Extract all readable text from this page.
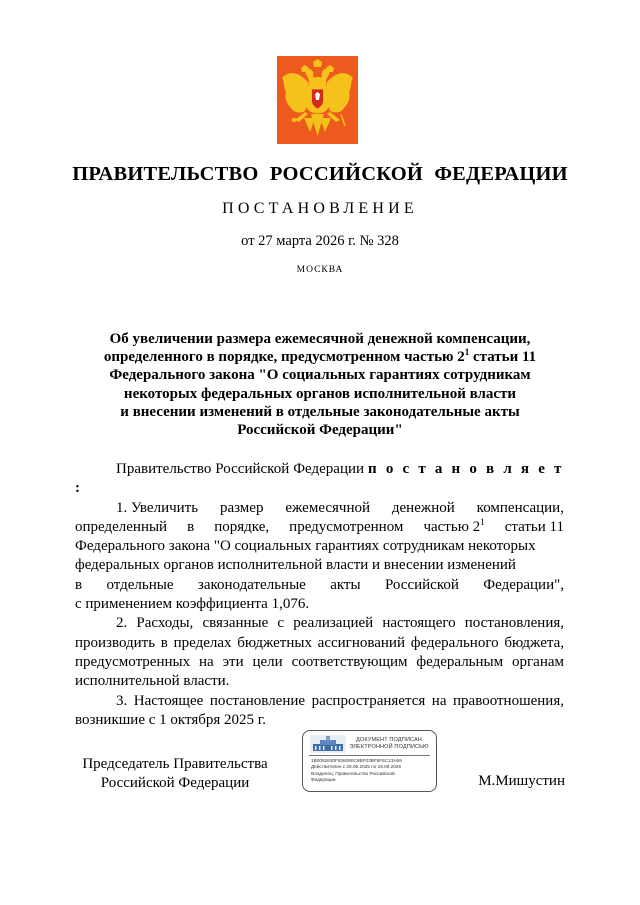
ПРАВИТЕЛЬСТВО РОССИЙСКОЙ ФЕДЕРАЦИИ
ПОСТАНОВЛЕНИЕ
от 27 марта 2026 г. № 328
МОСКВА
Об увеличении размера ежемесячной денежной компенсации,
определенного в порядке, предусмотренном частью $2^1$ статьи 11
Федерального закона "О социальных гарантиях сотрудникам
некоторых федеральных органов исполнительной власти
и внесении изменений в отдельные законодательные акты
Российской Федерации"

Правительство Российской Федерации п о с т а н о в л я е т :

1. Увеличить размер ежемесячной денежной компенсации,
определенный в порядке, предусмотренном частью $2^1$ статьи 11
Федерального закона "О социальных гарантиях сотрудникам некоторых
федеральных органов исполнительной власти и внесении изменений
в отдельные законодательные акты Российской Федерации",
с применением коэффициента 1,076.

2. Расходы, связанные с реализацией настоящего постановления, производить в пределах бюджетных ассигнований федерального бюджета, предусмотренных на эти цели соответствующим федеральным органам исполнительной власти.

3. Настоящее постановление распространяется на правоотношения, возникшие с 1 октября 2025 г.

Председатель Правительства
Российской Федерации
ДОКУМЕНТ ПОДПИСАН
ЭЛЕКТРОННОЙ ПОДПИСЬЮ
1B0052630F826080C9BF03BF6F6C13A69
Действителен с 26.06.2025 по 19.09.2026
Владелец: Правительство Российской
Федерации	М.Мишустин
